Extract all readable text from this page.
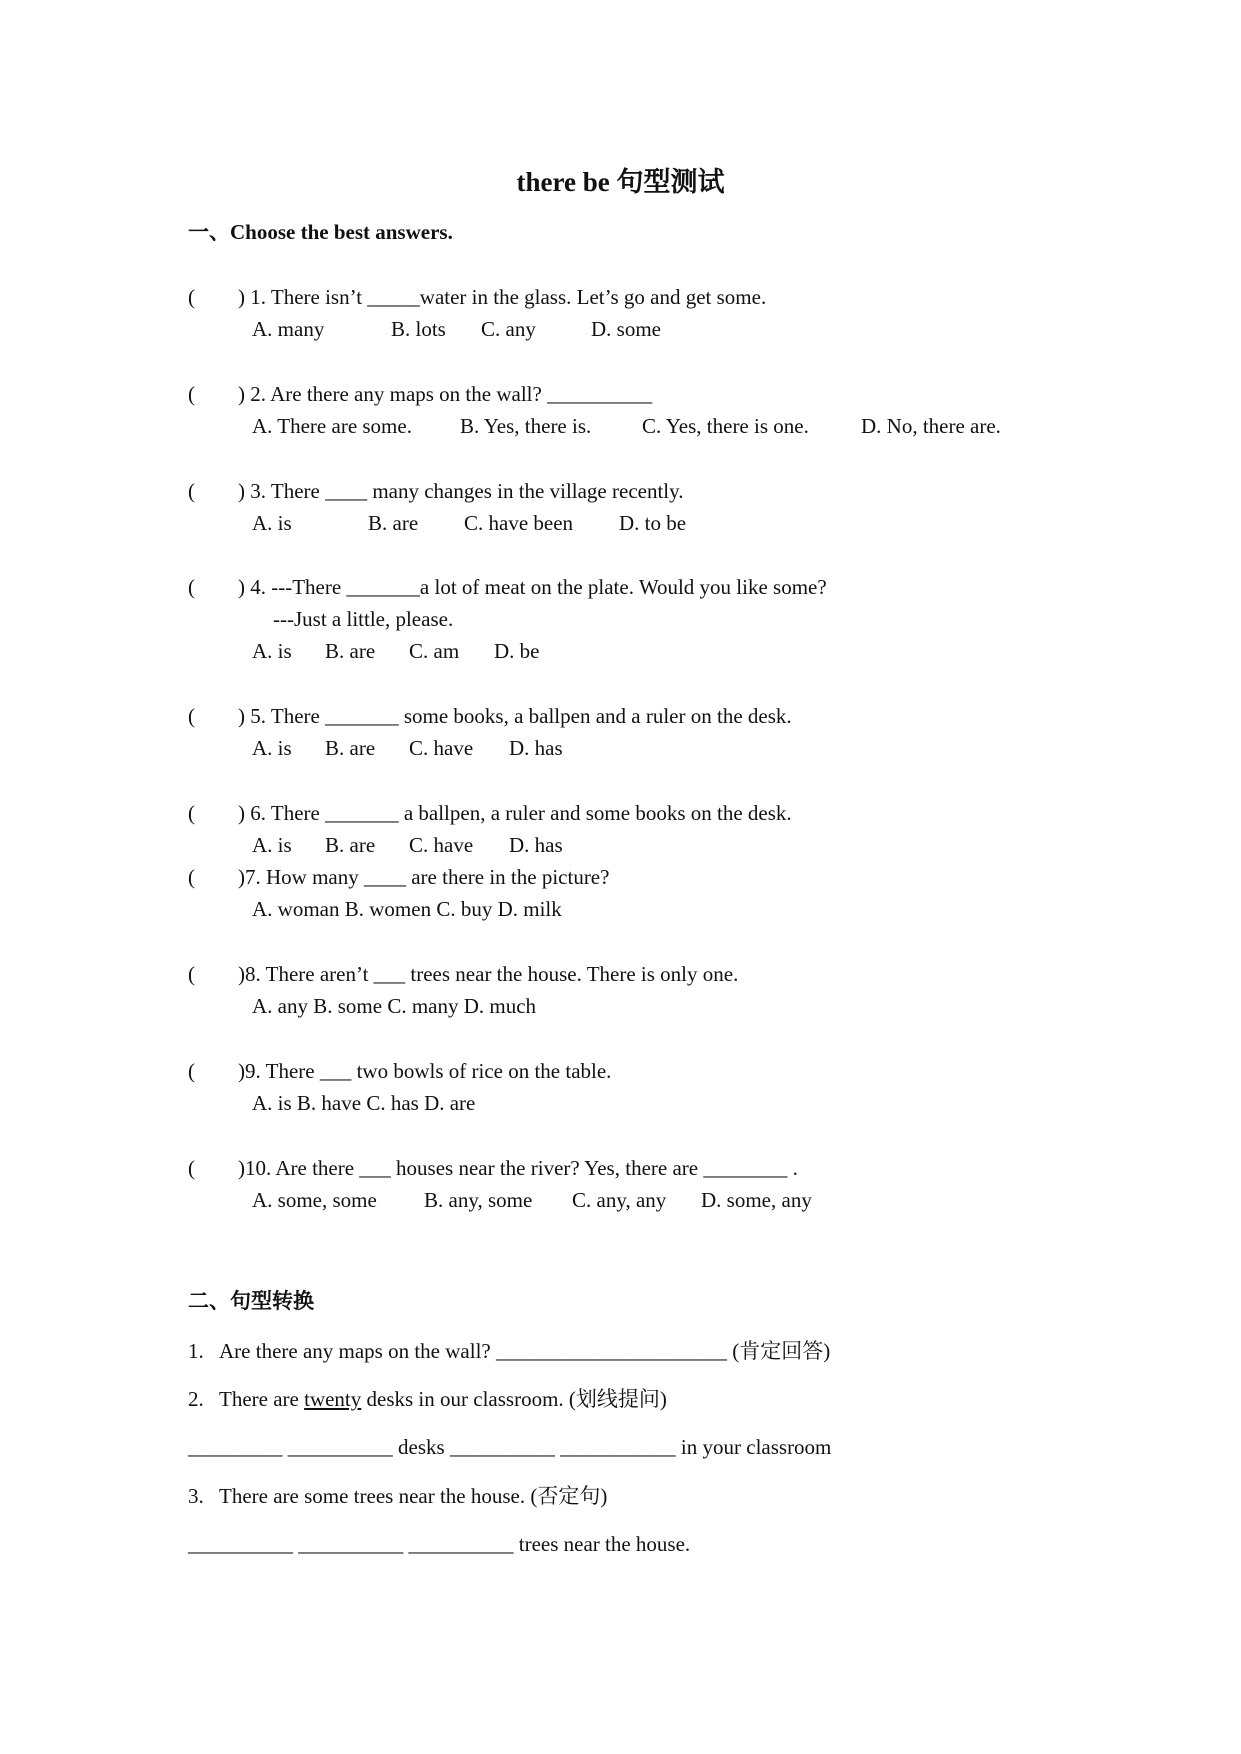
there be 句型测试
一、Choose the best answers.
( ) 1. There isn’t _____water in the glass. Let’s go and get some.
A. many	B. lots C. any	D. some
( ) 2. Are there any maps on the wall? __________
A. There are some. B. Yes, there is. C. Yes, there is one. D. No, there are.
( ) 3. There ____ many changes in the village recently.
A. is	B. are C. have been D. to be
( ) 4. ---There _______a lot of meat on the plate. Would you like some?
---Just a little, please.
A. is B. are C. am D. be
( ) 5. There _______ some books, a ballpen and a ruler on the desk.
A. is B. are C. have D. has
( ) 6. There _______ a ballpen, a ruler and some books on the desk.
A. is B. are C. have D. has
( )7. How many ____ are there in the picture?
A. woman B. women C. buy D. milk
( )8. There aren’t ___ trees near the house. There is only one.
A. any B. some C. many D. much
( )9. There ___ two bowls of rice on the table.
A. is B. have C. has D. are
( )10. Are there ___ houses near the river? Yes, there are ________ .
A. some, some B. any, some C. any, any D. some, any
二、句型转换
1. Are there any maps on the wall? ______________________ (肯定回答)
2. There are twenty desks in our classroom. (划线提问)
_________ __________ desks __________ ___________ in your classroom
3. There are some trees near the house. (否定句)
__________ __________ __________ trees near the house.
